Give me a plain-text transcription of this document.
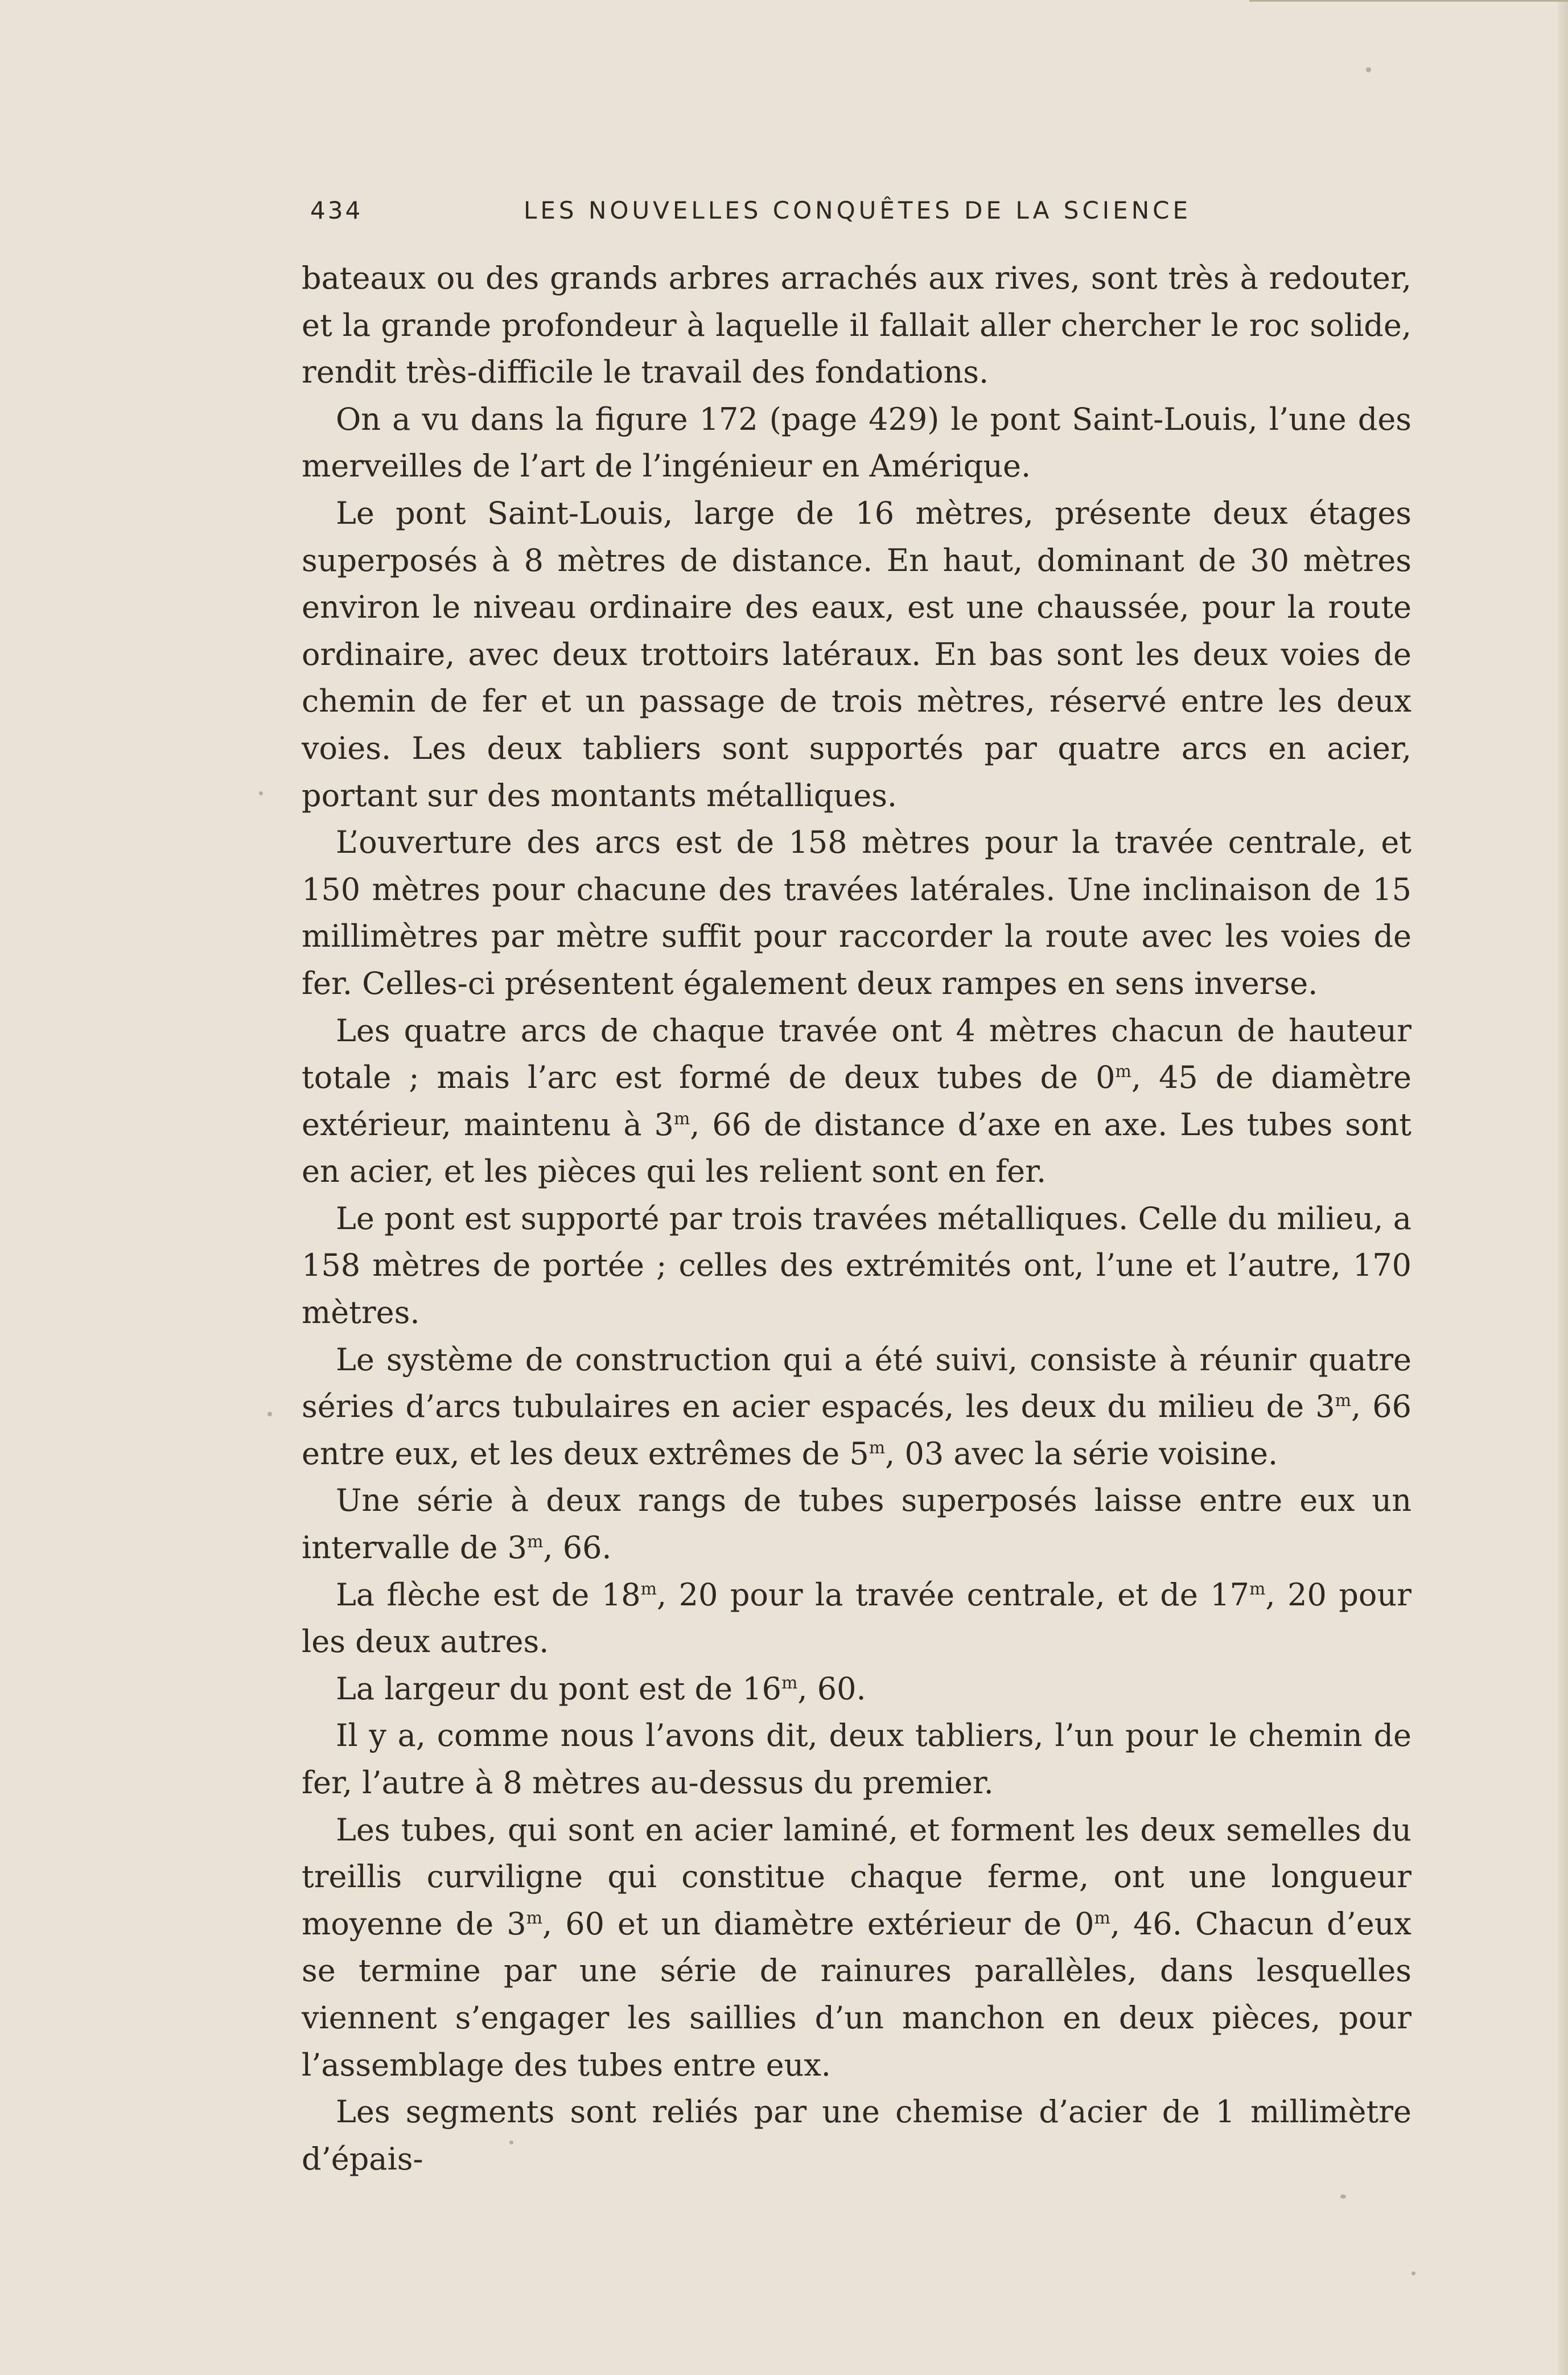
434	LES NOUVELLES CONQUÊTES DE LA SCIENCE

bateaux ou des grands arbres arrachés aux rives, sont très à redouter, et la grande profondeur à laquelle il fallait aller chercher le roc solide, rendit très-difficile le travail des fondations.

On a vu dans la figure 172 (page 429) le pont Saint-Louis, l’une des merveilles de l’art de l’ingénieur en Amérique.

Le pont Saint-Louis, large de 16 mètres, présente deux étages superposés à 8 mètres de distance. En haut, dominant de 30 mètres environ le niveau ordinaire des eaux, est une chaussée, pour la route ordinaire, avec deux trottoirs latéraux. En bas sont les deux voies de chemin de fer et un passage de trois mètres, réservé entre les deux voies. Les deux tabliers sont supportés par quatre arcs en acier, portant sur des montants métalliques.

L’ouverture des arcs est de 158 mètres pour la travée centrale, et 150 mètres pour chacune des travées latérales. Une inclinaison de 15 millimètres par mètre suffit pour raccorder la route avec les voies de fer. Celles-ci présentent également deux rampes en sens inverse.

Les quatre arcs de chaque travée ont 4 mètres chacun de hauteur totale ; mais l’arc est formé de deux tubes de 0$^m$, 45 de diamètre extérieur, maintenu à 3$^m$, 66 de distance d’axe en axe. Les tubes sont en acier, et les pièces qui les relient sont en fer.

Le pont est supporté par trois travées métalliques. Celle du milieu, a 158 mètres de portée ; celles des extrémités ont, l’une et l’autre, 170 mètres.

Le système de construction qui a été suivi, consiste à réunir quatre séries d’arcs tubulaires en acier espacés, les deux du milieu de 3$^m$, 66 entre eux, et les deux extrêmes de 5$^m$, 03 avec la série voisine.

Une série à deux rangs de tubes superposés laisse entre eux un intervalle de 3$^m$, 66.

La flèche est de 18$^m$, 20 pour la travée centrale, et de 17$^m$, 20 pour les deux autres.

La largeur du pont est de 16$^m$, 60.

Il y a, comme nous l’avons dit, deux tabliers, l’un pour le chemin de fer, l’autre à 8 mètres au-dessus du premier.

Les tubes, qui sont en acier laminé, et forment les deux semelles du treillis curviligne qui constitue chaque ferme, ont une longueur moyenne de 3$^m$, 60 et un diamètre extérieur de 0$^m$, 46. Chacun d’eux se termine par une série de rainures parallèles, dans lesquelles viennent s’engager les saillies d’un manchon en deux pièces, pour l’assemblage des tubes entre eux.

Les segments sont reliés par une chemise d’acier de 1 millimètre d’épais-
